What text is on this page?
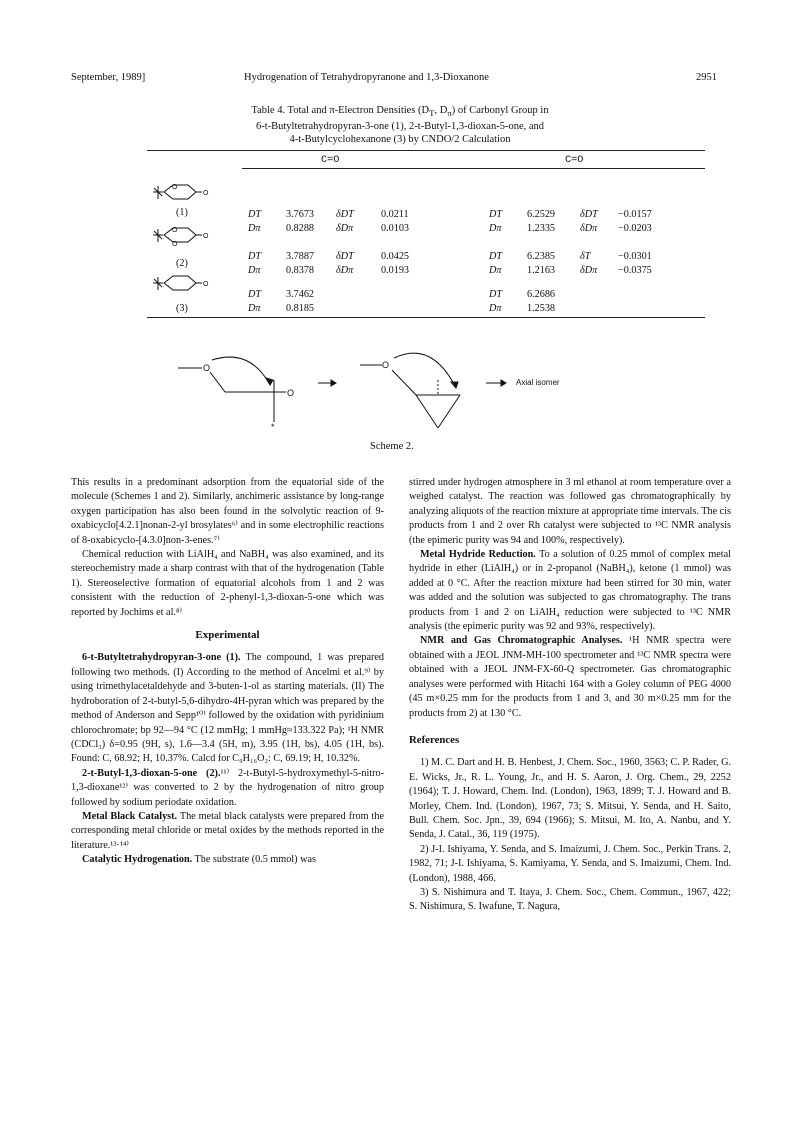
September, 1989]	Hydrogenation of Tetrahydropyranone and 1,3-Dioxanone	2951
Table 4. Total and π-Electron Densities ($D_T$, $D_\pi$) of Carbonyl Group in
6-t-Butyltetrahydropyran-3-one (1), 2-t-Butyl-1,3-dioxan-5-one, and
4-t-Butylcyclohexanone (3) by CNDO/2 Calculation
C=O	C=O
O
O
O
O
O
O
(1)
(2)
(3)
DT 3.7673 δDT	0.0211	DT 6.2529 δDT −0.0157
Dπ	0.8288 δDπ	0.0103	Dπ	1.2335 δDπ −0.0203
DT 3.7887 δDT	0.0425	DT 6.2385 δT	−0.0301
Dπ	0.8378 δDπ	0.0193	Dπ	1.2163 δDπ −0.0375
DT 3.7462	DT 6.2686
Dπ	0.8185	Dπ	1.2538
O
O
O
*
Axial isomer
Scheme 2.

This results in a predominant adsorption from the equatorial side of the molecule (Schemes 1 and 2). Similarly, anchimeric assistance by long-range oxygen participation has also been found in the solvolytic reaction of 9-oxabicyclo[4.2.1]nonan-2-yl brosylates⁶⁾ and in some electrophilic reactions of 8-oxabicyclo-[4.3.0]non-3-enes.⁷⁾

Chemical reduction with LiAlH₄ and NaBH₄ was also examined, and its stereochemistry made a sharp contrast with that of the hydrogenation (Table 1). Stereoselective formation of equatorial alcohols from 1 and 2 was consistent with the reduction of 2-phenyl-1,3-dioxan-5-one which was reported by Jochims et al.⁸⁾

Experimental

6-t-Butyltetrahydropyran-3-one (1). The compound, 1 was prepared following two methods. (I) According to the method of Ancelmi et al.⁹⁾ by using trimethylacetaldehyde and 3-buten-1-ol as starting materials. (II) The hydroboration of 2-t-butyl-5,6-dihydro-4H-pyran which was prepared by the method of Anderson and Sepp¹⁰⁾ followed by the oxidation with pyridinium chlorochromate; bp 92—94 °C (12 mmHg; 1 mmHg≈133.322 Pa); ¹H NMR (CDCl₃) δ=0.95 (9H, s), 1.6—3.4 (5H, m), 3.95 (1H, bs), 4.05 (1H, bs). Found: C, 68.92; H, 10.37%. Calcd for C₉H₁₆O₂: C, 69.19; H, 10.32%.

2-t-Butyl-1,3-dioxan-5-one (2).¹¹⁾ 2-t-Butyl-5-hydroxymethyl-5-nitro-1,3-dioxane¹²⁾ was converted to 2 by the hydrogenation of nitro group followed by sodium periodate oxidation.

Metal Black Catalyst. The metal black catalysts were prepared from the corresponding metal chloride or metal oxides by the methods reported in the literature.¹³·¹⁴⁾

Catalytic Hydrogenation. The substrate (0.5 mmol) was

stirred under hydrogen atmosphere in 3 ml ethanol at room temperature over a weighed catalyst. The reaction was followed gas chromatographically by analyzing aliquots of the reaction mixture at appropriate time intervals. The cis products from 1 and 2 over Rh catalyst were subjected to ¹³C NMR analysis (the epimeric purity was 94 and 100%, respectively).

Metal Hydride Reduction. To a solution of 0.25 mmol of complex metal hydride in ether (LiAlH₄) or in 2-propanol (NaBH₄), ketone (1 mmol) was added at 0 °C. After the reaction mixture had been stirred for 30 min, water was added and the solution was subjected to gas chromatography. The trans products from 1 and 2 on LiAlH₄ reduction were subjected to ¹³C NMR analysis (the epimeric purity was 92 and 93%, respectively).

NMR and Gas Chromatographic Analyses. ¹H NMR spectra were obtained with a JEOL JNM-MH-100 spectrometer and ¹³C NMR spectra were obtained with a JEOL JNM-FX-60-Q spectrometer. Gas chromatographic analyses were performed with Hitachi 164 with a Goley column of PEG 4000 (45 m×0.25 mm for the products from 1 and 3, and 30 m×0.25 mm for the products from 2) at 130 °C.

References

1) M. C. Dart and H. B. Henbest, J. Chem. Soc., 1960, 3563; C. P. Rader, G. E. Wicks, Jr., R. L. Young, Jr., and H. S. Aaron, J. Org. Chem., 29, 2252 (1964); T. J. Howard, Chem. Ind. (London), 1963, 1899; T. J. Howard and B. Morley, Chem. Ind. (London), 1967, 73; S. Mitsui, Y. Senda, and H. Saito, Bull. Chem. Soc. Jpn., 39, 694 (1966); S. Mitsui, M. Ito, A. Nanbu, and Y. Senda, J. Catal., 36, 119 (1975).

2) J-I. Ishiyama, Y. Senda, and S. Imaizumi, J. Chem. Soc., Perkin Trans. 2, 1982, 71; J-I. Ishiyama, S. Kamiyama, Y. Senda, and S. Imaizumi, Chem. Ind. (London), 1988, 466.

3) S. Nishimura and T. Itaya, J. Chem. Soc., Chem. Commun., 1967, 422; S. Nishimura, S. Iwafune, T. Nagura,
